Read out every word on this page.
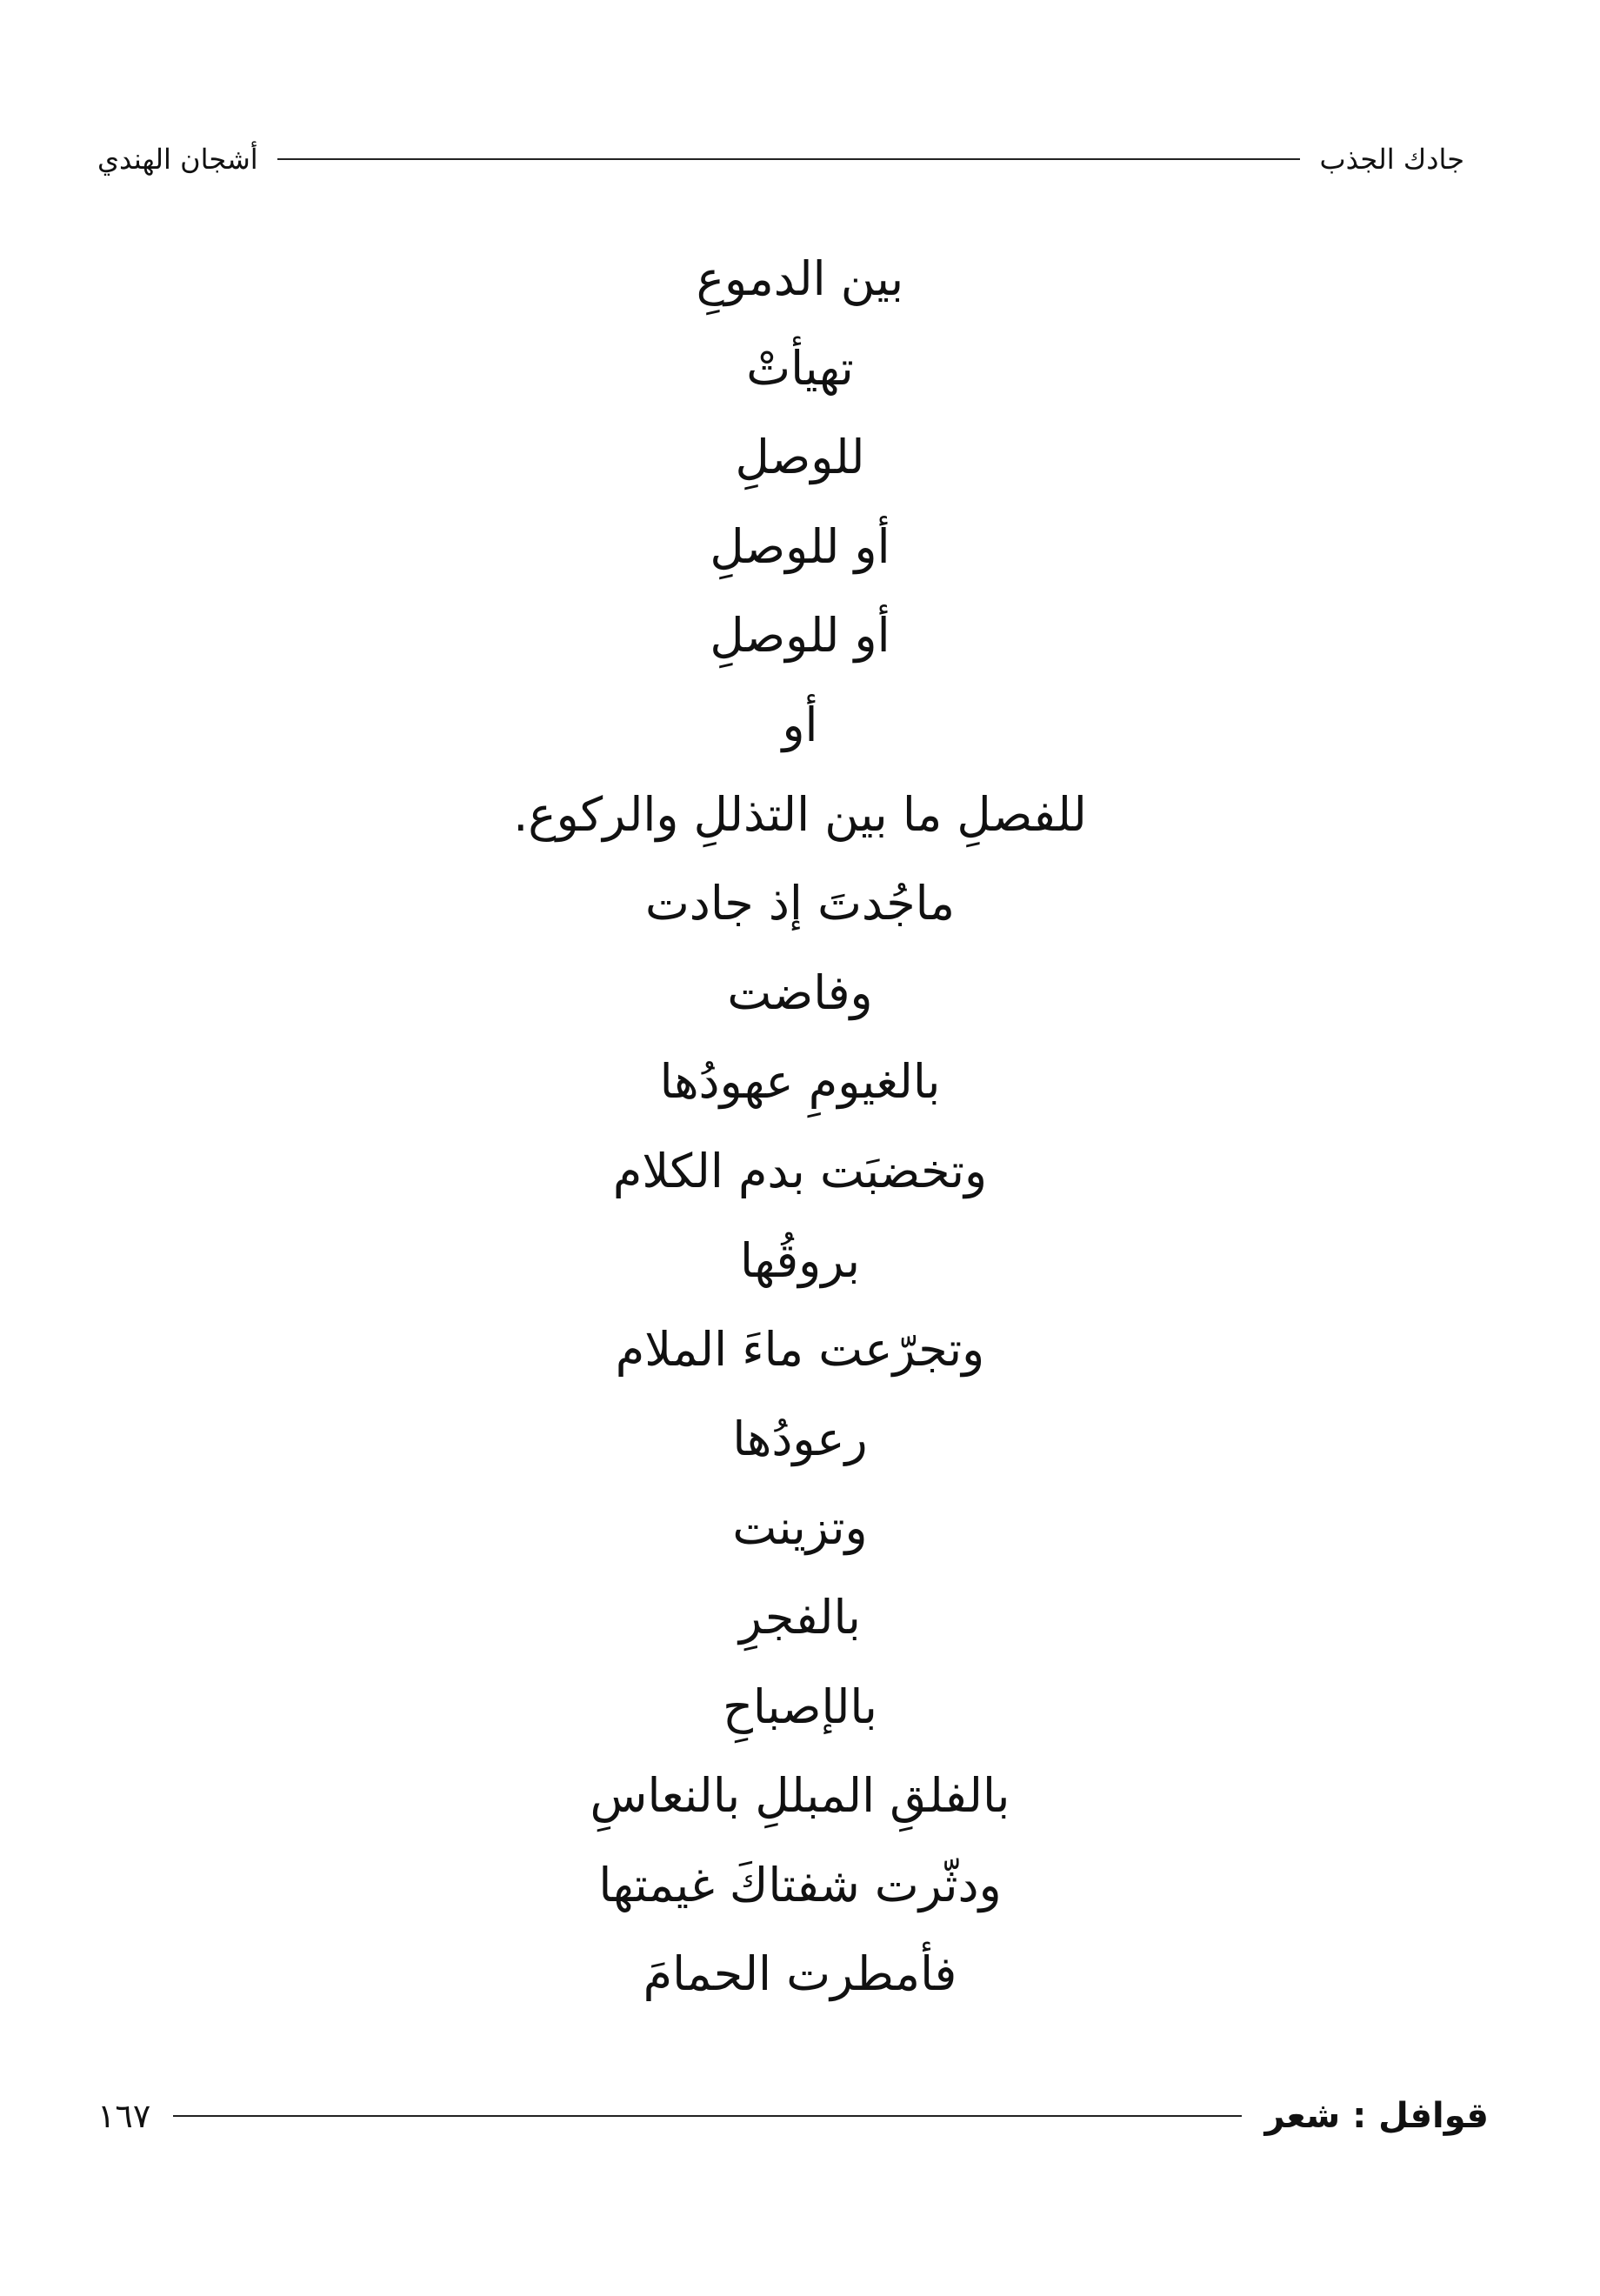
أشجان الهندي	جادك الجذب
بين الدموعِ
تهيأتْ
للوصلِ
أو للوصلِ
أو للوصلِ
أو
للفصلِ ما بين التذللِ والركوع.
ماجُدتَ إذ جادت
وفاضت
بالغيومِ عهودُها
وتخضبَت بدم الكلام
بروقُها
وتجرّعت ماءَ الملام
رعودُها
وتزينت
بالفجرِ
بالإصباحِ
بالفلقِ المبللِ بالنعاسِ
ودثّرت شفتاكَ غيمتها
فأمطرت الحمامَ
١٦٧	قوافل : شعر
